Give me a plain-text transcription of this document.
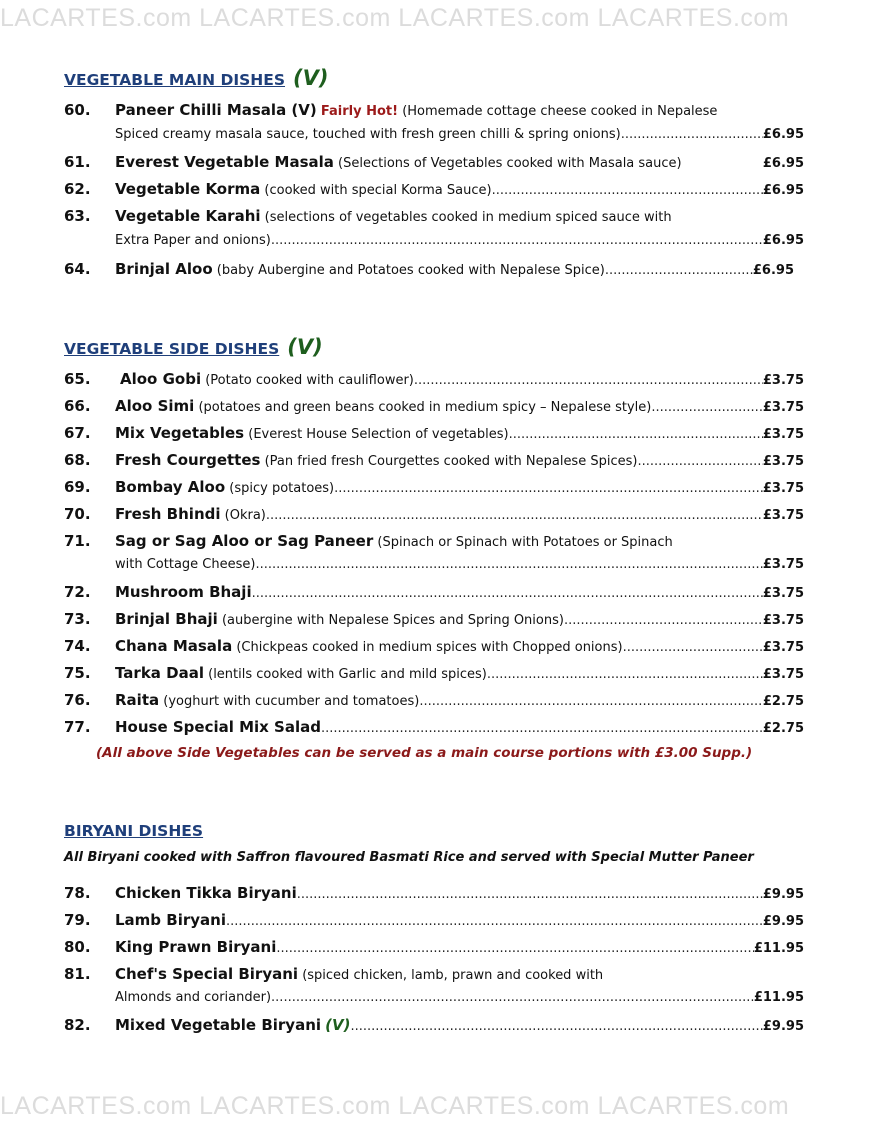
LACARTES.com LACARTES.com LACARTES.com LACARTES.com
VEGETABLE MAIN DISHES (V)
60. Paneer Chilli Masala (V) Fairly Hot! (Homemade cottage cheese cooked in Nepalese
Spiced creamy masala sauce, touched with fresh green chilli & spring onions) .....	£6.95
61. Everest Vegetable Masala (Selections of Vegetables cooked with Masala sauce)	£6.95
62. Vegetable Korma (cooked with special Korma Sauce) .....	£6.95
63. Vegetable Karahi (selections of vegetables cooked in medium spiced sauce with
Extra Paper and onions) .....	£6.95
64. Brinjal Aloo (baby Aubergine and Potatoes cooked with Nepalese Spice) .....	£6.95
VEGETABLE SIDE DISHES (V)
65. Aloo Gobi (Potato cooked with cauliflower) .....	£3.75
66. Aloo Simi (potatoes and green beans cooked in medium spicy – Nepalese style) .....	£3.75
67. Mix Vegetables (Everest House Selection of vegetables) .....	£3.75
68. Fresh Courgettes (Pan fried fresh Courgettes cooked with Nepalese Spices) .....	£3.75
69. Bombay Aloo (spicy potatoes) .....	£3.75
70. Fresh Bhindi (Okra) .....	£3.75
71. Sag or Sag Aloo or Sag Paneer (Spinach or Spinach with Potatoes or Spinach
with Cottage Cheese) .....	£3.75
72. Mushroom Bhaji .....	£3.75
73. Brinjal Bhaji (aubergine with Nepalese Spices and Spring Onions) .....	£3.75
74. Chana Masala (Chickpeas cooked in medium spices with Chopped onions) .....	£3.75
75. Tarka Daal (lentils cooked with Garlic and mild spices) .....	£3.75
76. Raita (yoghurt with cucumber and tomatoes) .....	£2.75
77. House Special Mix Salad .....	£2.75
(All above Side Vegetables can be served as a main course portions with £3.00 Supp.)
BIRYANI DISHES
All Biryani cooked with Saffron flavoured Basmati Rice and served with Special Mutter Paneer
78. Chicken Tikka Biryani .....	£9.95
79. Lamb Biryani .....	£9.95
80. King Prawn Biryani .....	£11.95
81. Chef's Special Biryani (spiced chicken, lamb, prawn and cooked with
Almonds and coriander) .....	£11.95
82. Mixed Vegetable Biryani (V) .....	£9.95
LACARTES.com LACARTES.com LACARTES.com LACARTES.com
